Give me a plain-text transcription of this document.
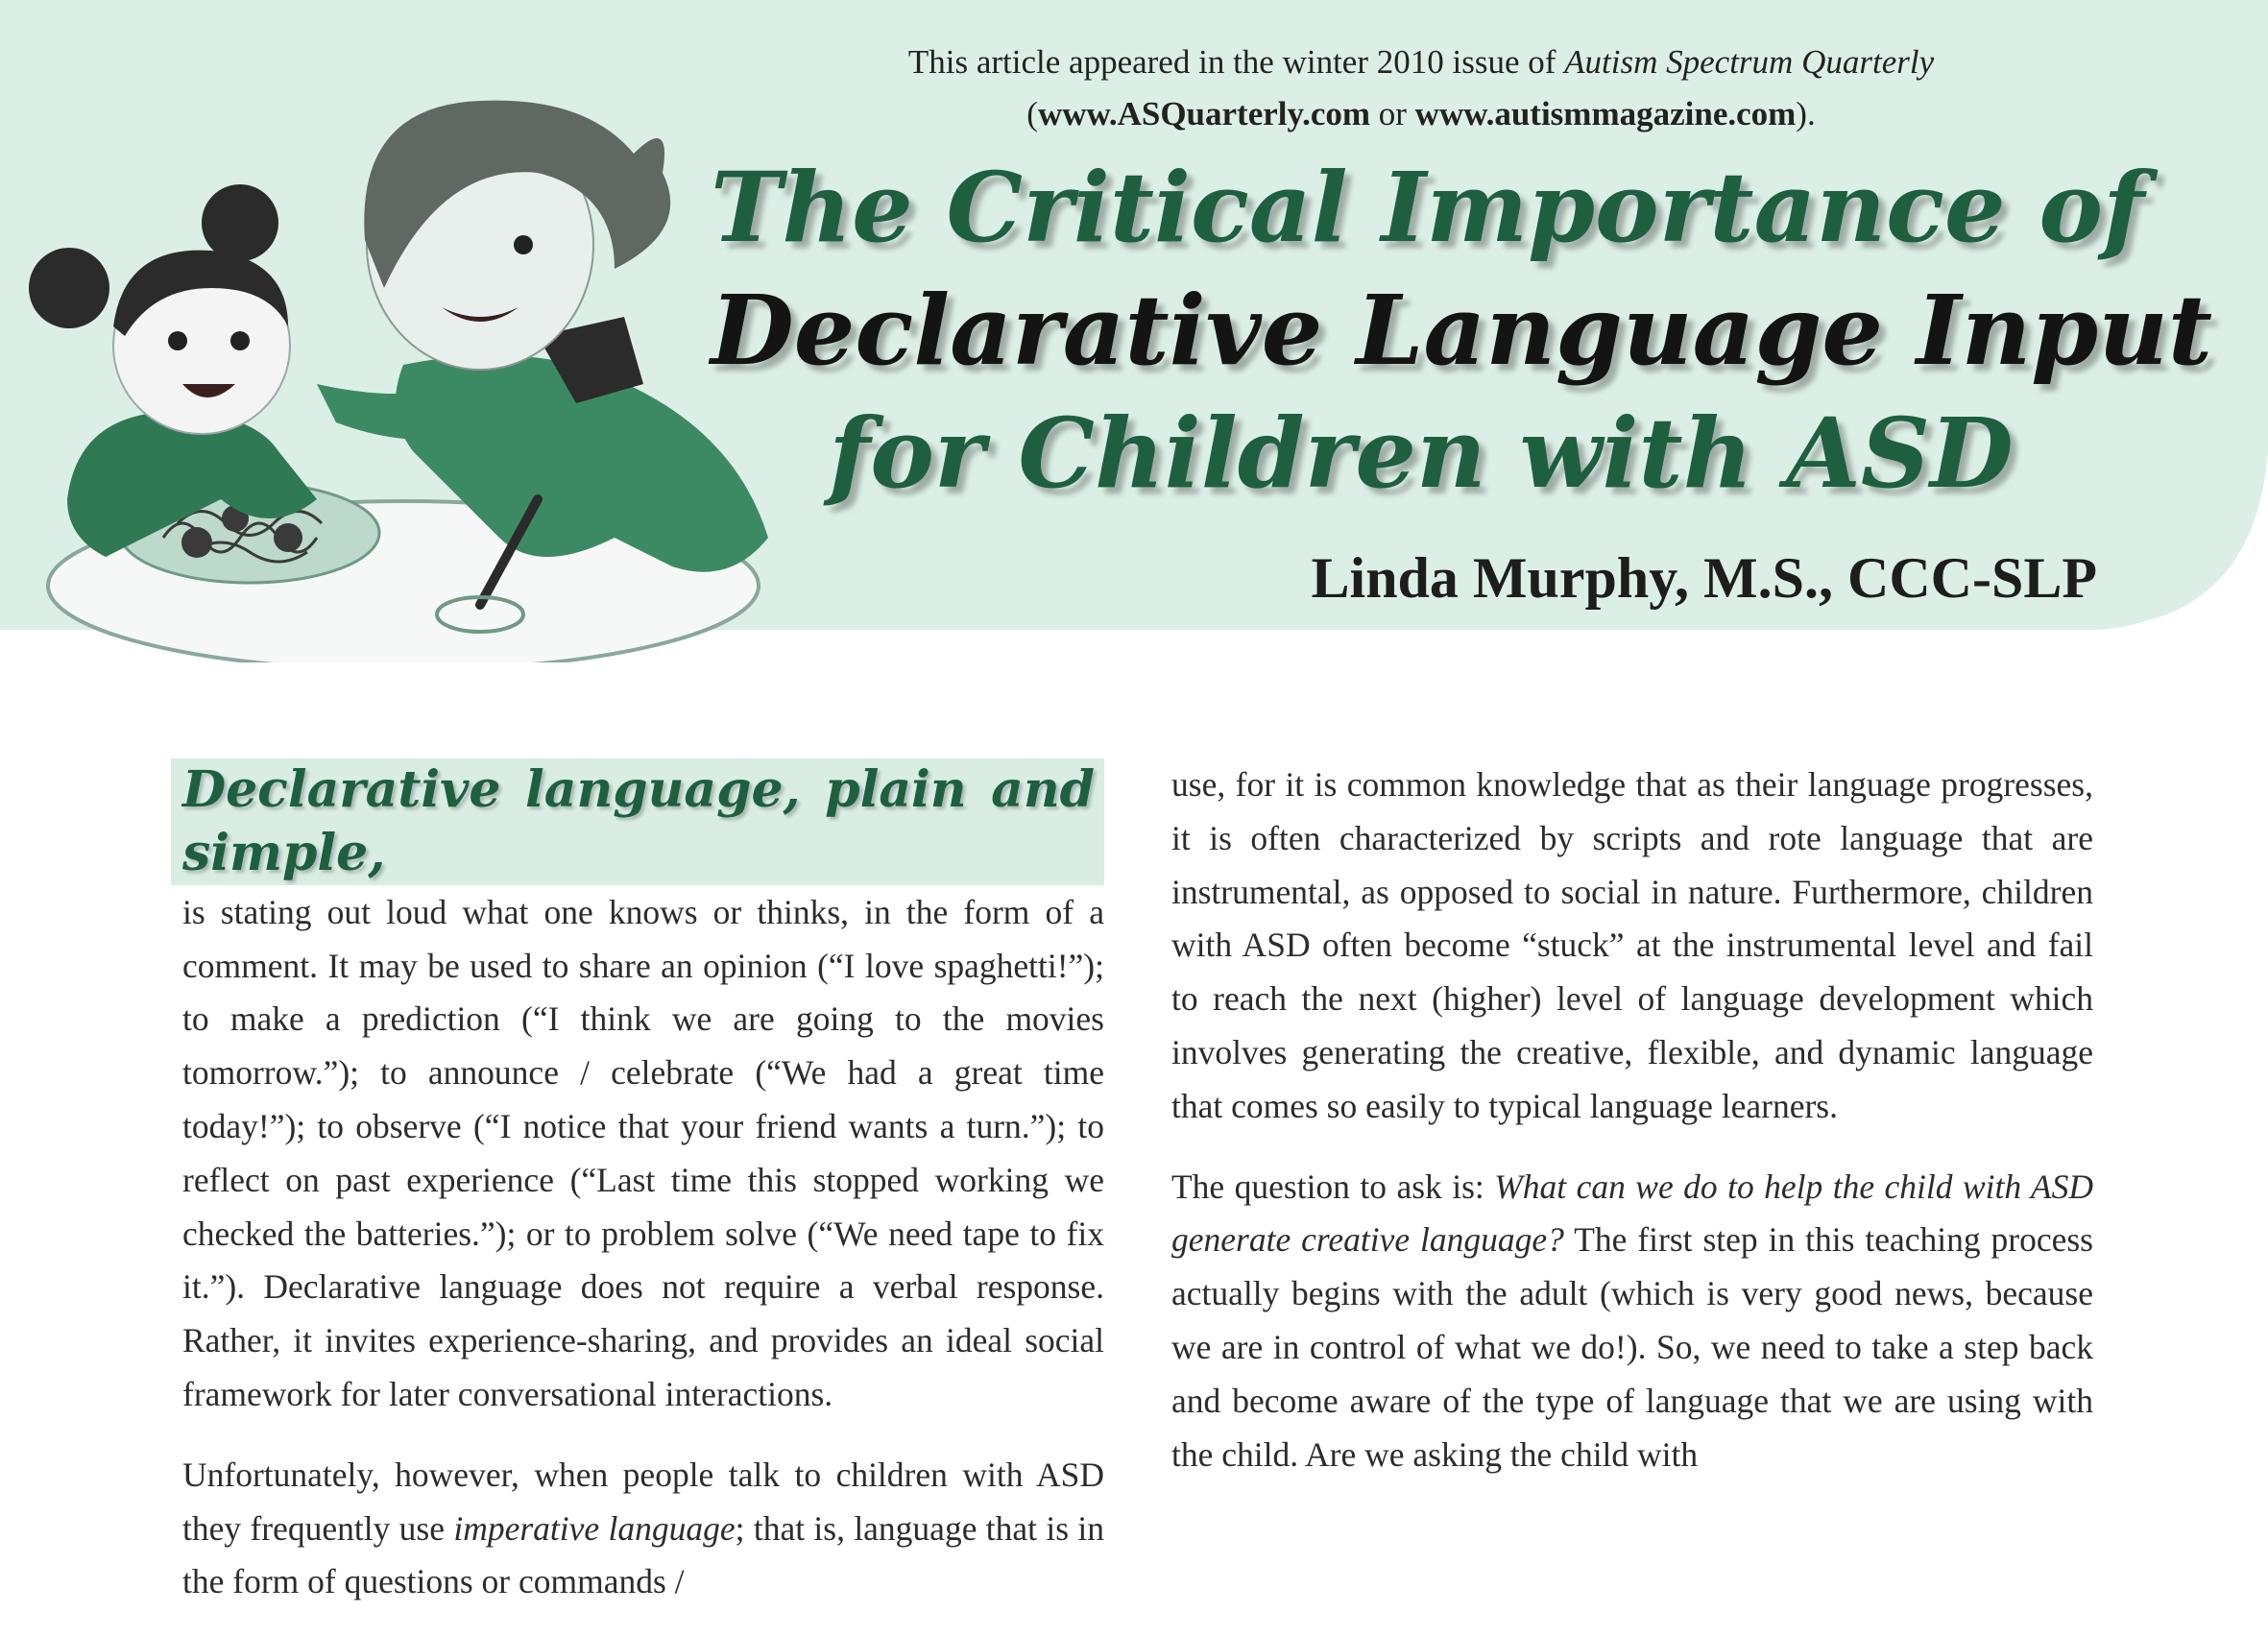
This article appeared in the winter 2010 issue of Autism Spectrum Quarterly
(www.ASQuarterly.com or www.autismmagazine.com).
The Critical Importance of
Declarative Language Input
for Children with ASD
Linda Murphy, M.S., CCC-SLP

Declarative language, plain and simple,
is stating out loud what one knows or thinks, in the form of a comment. It may be used to share an opinion (“I love spaghetti!”); to make a prediction (“I think we are going to the movies tomorrow.”); to announce / celebrate (“We had a great time today!”); to observe (“I notice that your friend wants a turn.”); to reflect on past experience (“Last time this stopped working we checked the batteries.”); or to problem solve (“We need tape to fix it.”). Declarative language does not require a verbal response. Rather, it invites experience-sharing, and provides an ideal social framework for later conversational interactions.

Unfortunately, however, when people talk to children with ASD they frequently use imperative language; that is, language that is in the form of questions or commands /

use, for it is common knowledge that as their language progresses, it is often characterized by scripts and rote language that are instrumental, as opposed to social in nature. Furthermore, children with ASD often become “stuck” at the instrumental level and fail to reach the next (higher) level of language development which involves generating the creative, flexible, and dynamic language that comes so easily to typical language learners.

The question to ask is: What can we do to help the child with ASD generate creative language? The first step in this teaching process actually begins with the adult (which is very good news, because we are in control of what we do!). So, we need to take a step back and become aware of the type of language that we are using with the child. Are we asking the child with
